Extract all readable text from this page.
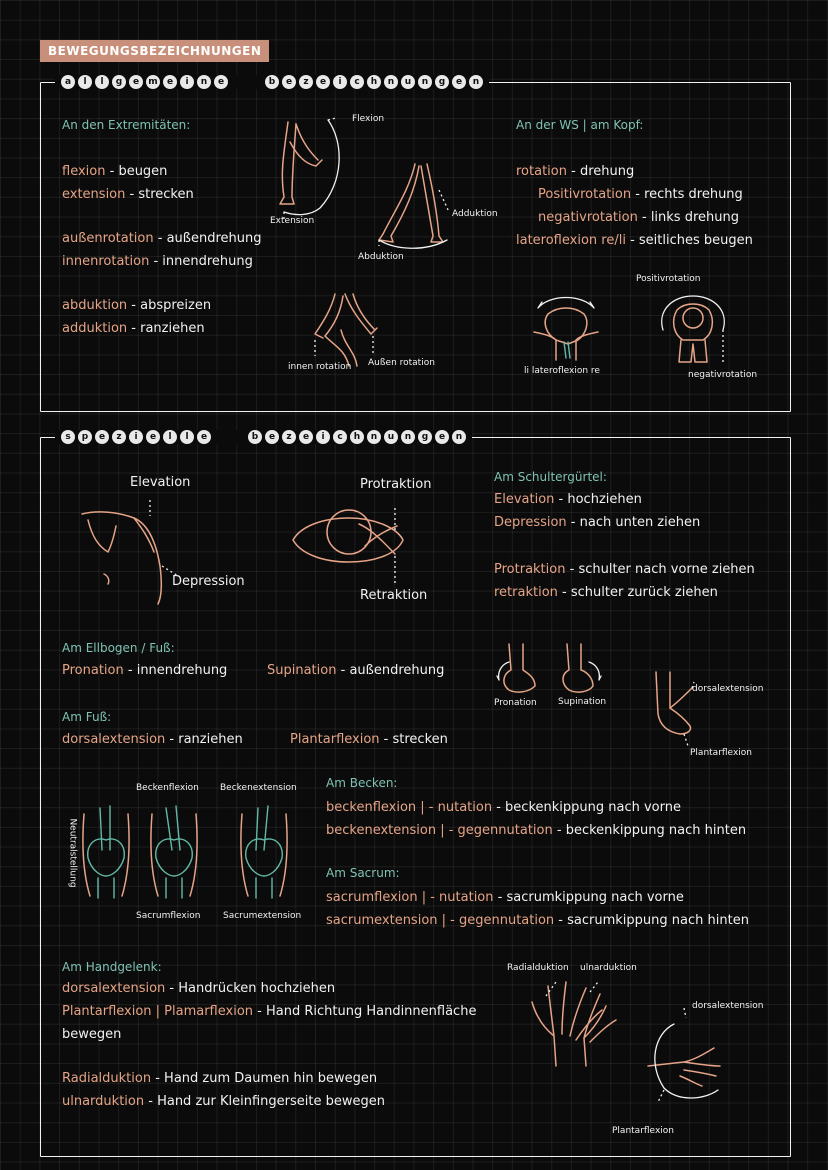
BEWEGUNGSBEZEICHNUNGEN
a	l	l	g	e	m	e	i	n	e	b	e	z	e	i	c	h	n	u	n	g	e	n
An den Extremitäten:
flexion - beugen
extension - strecken
außenrotation - außendrehung
innenrotation - innendrehung
abduktion - abspreizen
adduktion - ranziehen
An der WS | am Kopf:
rotation - drehung
Positivrotation - rechts drehung
negativrotation - links drehung
lateroflexion re/li - seitliches beugen
Flexion
Extension
Adduktion
Abduktion
innen rotation Außen rotation
li lateroflexion re
Positivrotation
negativrotation
s	p	e	z	i	e	l	l	e	b	e	z	e	i	c	h	n	u	n	g	e	n
Elevation
Depression
Protraktion
Retraktion
Am Schultergürtel:
Elevation - hochziehen
Depression - nach unten ziehen
Protraktion - schulter nach vorne ziehen
retraktion - schulter zurück ziehen
Am Ellbogen / Fuß:
Pronation - innendrehung	Supination - außendrehung
Am Fuß:
dorsalextension - ranziehen	Plantarflexion - strecken
Pronation Supination
dorsalextension
Plantarflexion
Beckenflexion Beckenextension
Neutralstellung
Sacrumflexion	Sacrumextension
Am Becken:
beckenflexion | - nutation - beckenkippung nach vorne
beckenextension | - gegennutation - beckenkippung nach hinten
Am Sacrum:
sacrumflexion | - nutation - sacrumkippung nach vorne
sacrumextension | - gegennutation - sacrumkippung nach hinten
Am Handgelenk:
dorsalextension - Handrücken hochziehen
Plantarflexion | Plamarflexion - Hand Richtung Handinnenfläche
bewegen
Radialduktion - Hand zum Daumen hin bewegen
ulnarduktion - Hand zur Kleinfingerseite bewegen
Radialduktion ulnarduktion
dorsalextension
Plantarflexion
